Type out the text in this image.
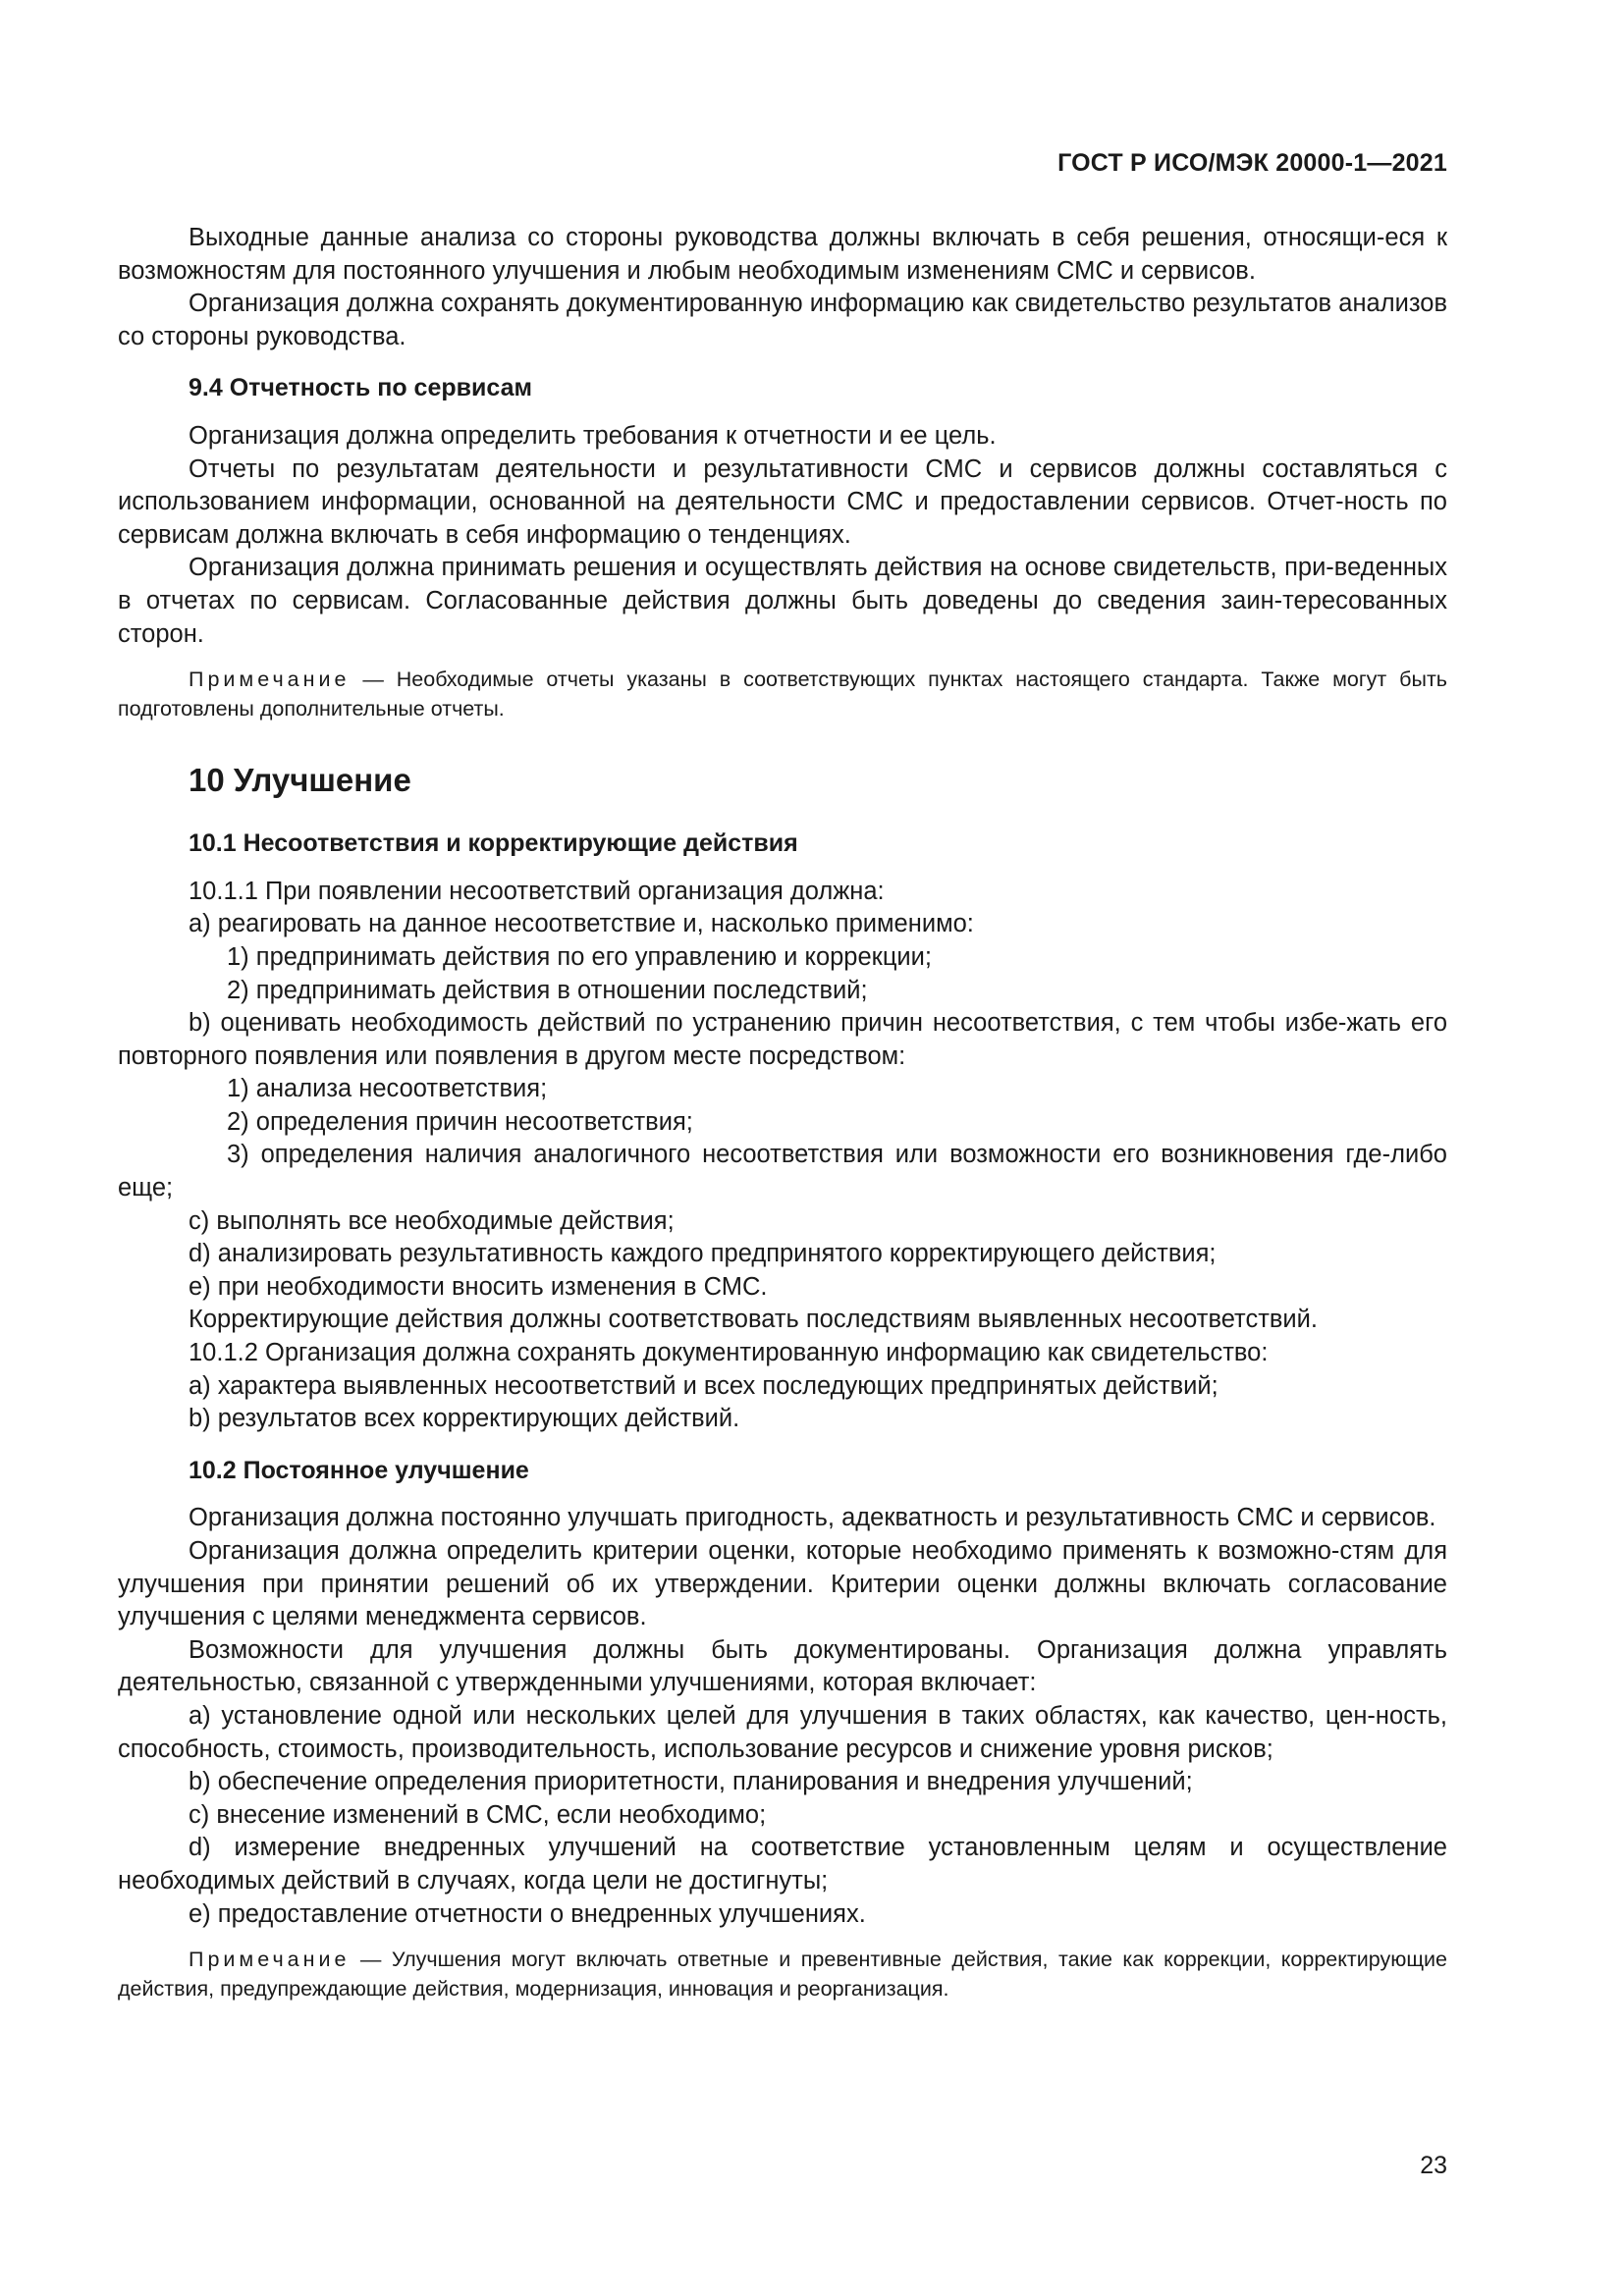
ГОСТ Р ИСО/МЭК 20000-1—2021

Выходные данные анализа со стороны руководства должны включать в себя решения, относящи-еся к возможностям для постоянного улучшения и любым необходимым изменениям СМС и сервисов.

Организация должна сохранять документированную информацию как свидетельство результатов анализов со стороны руководства.

9.4 Отчетность по сервисам

Организация должна определить требования к отчетности и ее цель.

Отчеты по результатам деятельности и результативности СМС и сервисов должны составляться с использованием информации, основанной на деятельности СМС и предоставлении сервисов. Отчет-ность по сервисам должна включать в себя информацию о тенденциях.

Организация должна принимать решения и осуществлять действия на основе свидетельств, при-веденных в отчетах по сервисам. Согласованные действия должны быть доведены до сведения заин-тересованных сторон.

Примечание — Необходимые отчеты указаны в соответствующих пунктах настоящего стандарта. Также могут быть подготовлены дополнительные отчеты.

10 Улучшение

10.1 Несоответствия и корректирующие действия

10.1.1 При появлении несоответствий организация должна:

a) реагировать на данное несоответствие и, насколько применимо:

1) предпринимать действия по его управлению и коррекции;

2) предпринимать действия в отношении последствий;

b) оценивать необходимость действий по устранению причин несоответствия, с тем чтобы избе-жать его повторного появления или появления в другом месте посредством:

1) анализа несоответствия;

2) определения причин несоответствия;

3) определения наличия аналогичного несоответствия или возможности его возникновения где-либо еще;

c) выполнять все необходимые действия;

d) анализировать результативность каждого предпринятого корректирующего действия;

e) при необходимости вносить изменения в СМС.

Корректирующие действия должны соответствовать последствиям выявленных несоответствий.

10.1.2 Организация должна сохранять документированную информацию как свидетельство:

a) характера выявленных несоответствий и всех последующих предпринятых действий;

b) результатов всех корректирующих действий.

10.2 Постоянное улучшение

Организация должна постоянно улучшать пригодность, адекватность и результативность СМС и сервисов.

Организация должна определить критерии оценки, которые необходимо применять к возможно-стям для улучшения при принятии решений об их утверждении. Критерии оценки должны включать согласование улучшения с целями менеджмента сервисов.

Возможности для улучшения должны быть документированы. Организация должна управлять деятельностью, связанной с утвержденными улучшениями, которая включает:

a) установление одной или нескольких целей для улучшения в таких областях, как качество, цен-ность, способность, стоимость, производительность, использование ресурсов и снижение уровня рисков;

b) обеспечение определения приоритетности, планирования и внедрения улучшений;

c) внесение изменений в СМС, если необходимо;

d) измерение внедренных улучшений на соответствие установленным целям и осуществление необходимых действий в случаях, когда цели не достигнуты;

e) предоставление отчетности о внедренных улучшениях.

Примечание — Улучшения могут включать ответные и превентивные действия, такие как коррекции, корректирующие действия, предупреждающие действия, модернизация, инновация и реорганизация.

23
